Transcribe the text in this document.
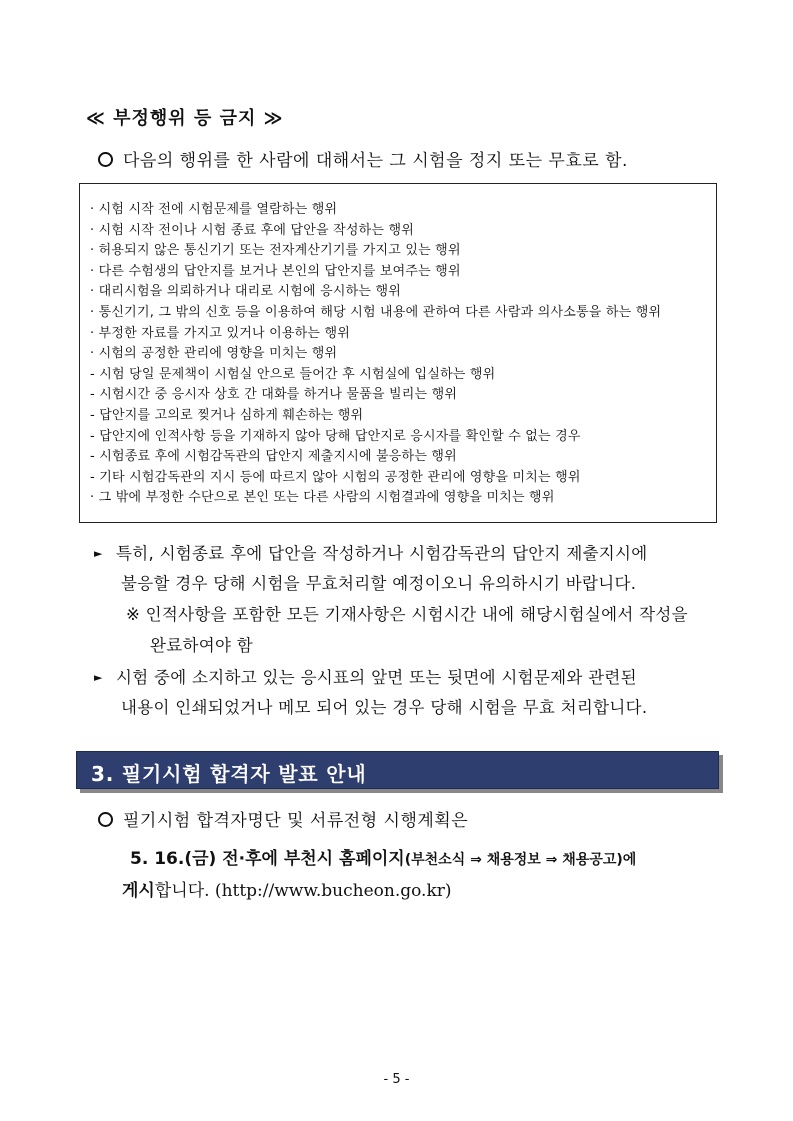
≪ 부정행위 등 금지 ≫
다음의 행위를 한 사람에 대해서는 그 시험을 정지 또는 무효로 함.
· 시험 시작 전에 시험문제를 열람하는 행위
· 시험 시작 전이나 시험 종료 후에 답안을 작성하는 행위
· 허용되지 않은 통신기기 또는 전자계산기기를 가지고 있는 행위
· 다른 수험생의 답안지를 보거나 본인의 답안지를 보여주는 행위
· 대리시험을 의뢰하거나 대리로 시험에 응시하는 행위
· 통신기기, 그 밖의 신호 등을 이용하여 해당 시험 내용에 관하여 다른 사람과 의사소통을 하는 행위
· 부정한 자료를 가지고 있거나 이용하는 행위
· 시험의 공정한 관리에 영향을 미치는 행위
- 시험 당일 문제책이 시험실 안으로 들어간 후 시험실에 입실하는 행위
- 시험시간 중 응시자 상호 간 대화를 하거나 물품을 빌리는 행위
- 답안지를 고의로 찢거나 심하게 훼손하는 행위
- 답안지에 인적사항 등을 기재하지 않아 당해 답안지로 응시자를 확인할 수 없는 경우
- 시험종료 후에 시험감독관의 답안지 제출지시에 불응하는 행위
- 기타 시험감독관의 지시 등에 따르지 않아 시험의 공정한 관리에 영향을 미치는 행위
· 그 밖에 부정한 수단으로 본인 또는 다른 사람의 시험결과에 영향을 미치는 행위
► 특히, 시험종료 후에 답안을 작성하거나 시험감독관의 답안지 제출지시에
불응할 경우 당해 시험을 무효처리할 예정이오니 유의하시기 바랍니다.
※ 인적사항을 포함한 모든 기재사항은 시험시간 내에 해당시험실에서 작성을
완료하여야 함
► 시험 중에 소지하고 있는 응시표의 앞면 또는 뒷면에 시험문제와 관련된
내용이 인쇄되었거나 메모 되어 있는 경우 당해 시험을 무효 처리합니다.
3. 필기시험 합격자 발표 안내
필기시험 합격자명단 및 서류전형 시행계획은
5. 16.(금) 전·후에 부천시 홈페이지(부천소식 ⇒ 채용정보 ⇒ 채용공고)에
게시합니다. (http://www.bucheon.go.kr)
- 5 -
